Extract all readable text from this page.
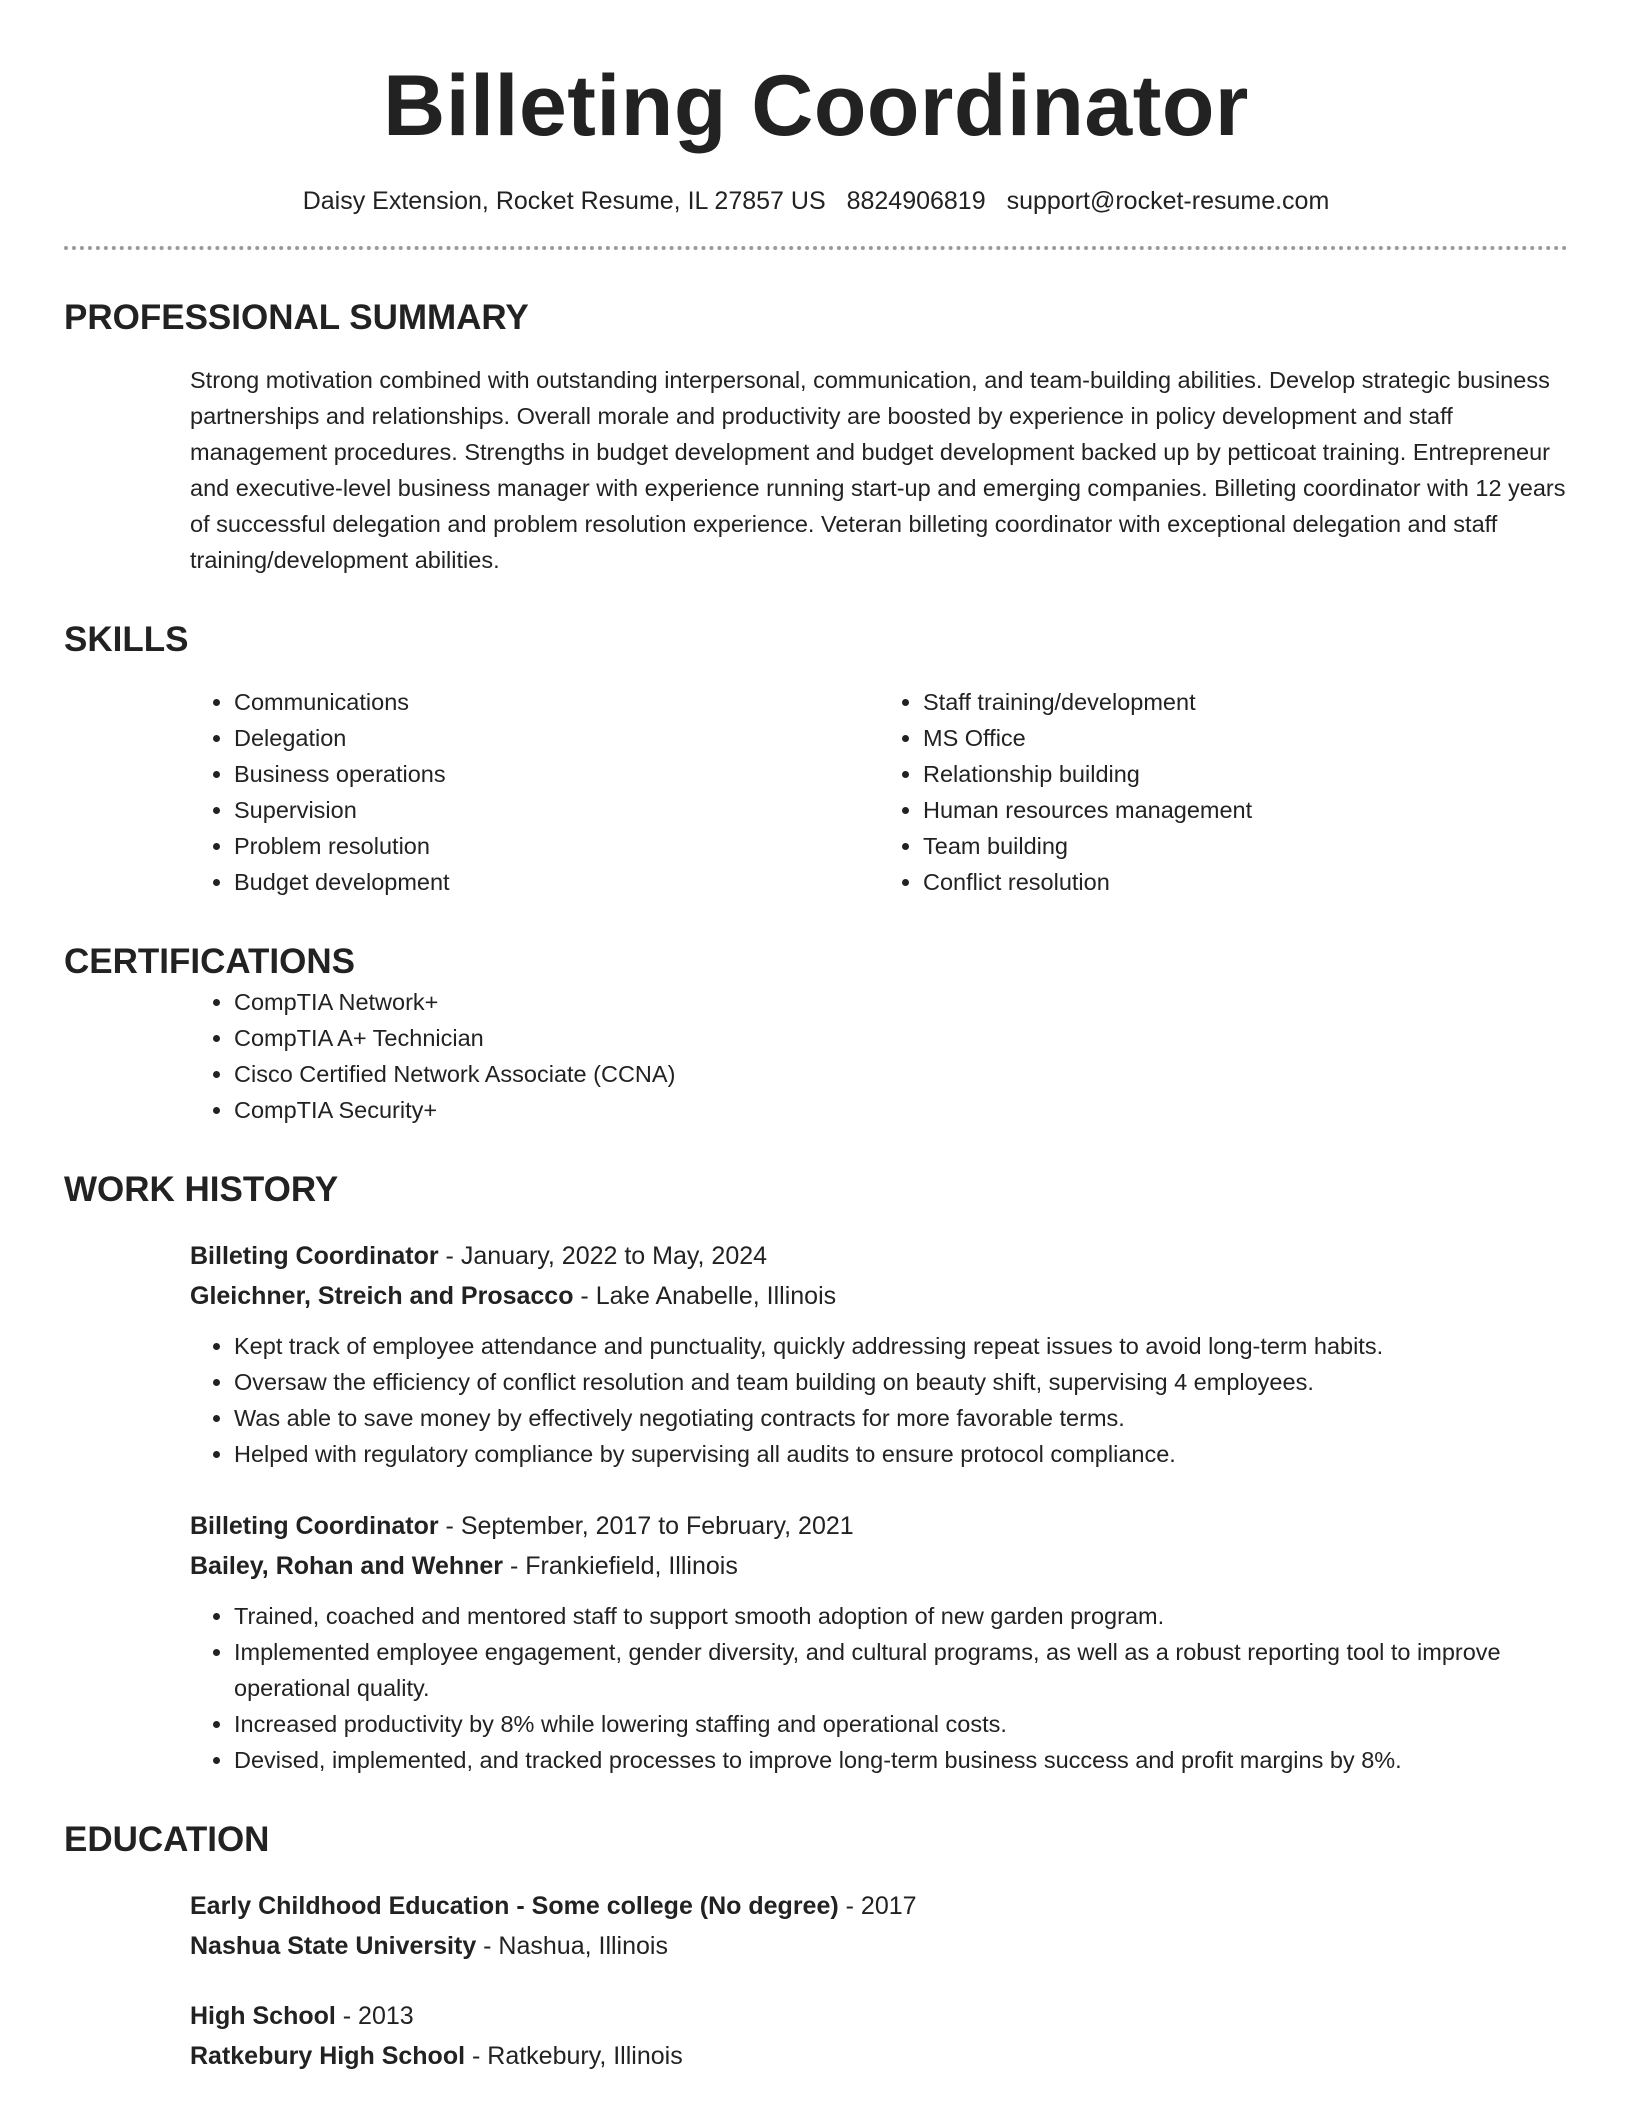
Billeting Coordinator
Daisy Extension, Rocket Resume, IL 27857 US 8824906819 support@rocket-resume.com
PROFESSIONAL SUMMARY

Strong motivation combined with outstanding interpersonal, communication, and team-building abilities. Develop strategic business partnerships and relationships. Overall morale and productivity are boosted by experience in policy development and staff management procedures. Strengths in budget development and budget development backed up by petticoat training. Entrepreneur and executive-level business manager with experience running start-up and emerging companies. Billeting coordinator with 12 years of successful delegation and problem resolution experience. Veteran billeting coordinator with exceptional delegation and staff training/development abilities.

SKILLS
• Communications
• Delegation
• Business operations
• Supervision
• Problem resolution
• Budget development
• Staff training/development
• MS Office
• Relationship building
• Human resources management
• Team building
• Conflict resolution
CERTIFICATIONS
• CompTIA Network+
• CompTIA A+ Technician
• Cisco Certified Network Associate (CCNA)
• CompTIA Security+
WORK HISTORY
Billeting Coordinator - January, 2022 to May, 2024
Gleichner, Streich and Prosacco - Lake Anabelle, Illinois
• Kept track of employee attendance and punctuality, quickly addressing repeat issues to avoid long-term habits.
• Oversaw the efficiency of conflict resolution and team building on beauty shift, supervising 4 employees.
• Was able to save money by effectively negotiating contracts for more favorable terms.
• Helped with regulatory compliance by supervising all audits to ensure protocol compliance.
Billeting Coordinator - September, 2017 to February, 2021
Bailey, Rohan and Wehner - Frankiefield, Illinois
• Trained, coached and mentored staff to support smooth adoption of new garden program.
• Implemented employee engagement, gender diversity, and cultural programs, as well as a robust reporting tool to improve operational quality.
• Increased productivity by 8% while lowering staffing and operational costs.
• Devised, implemented, and tracked processes to improve long-term business success and profit margins by 8%.
EDUCATION
Early Childhood Education - Some college (No degree) - 2017
Nashua State University - Nashua, Illinois
High School - 2013
Ratkebury High School - Ratkebury, Illinois
